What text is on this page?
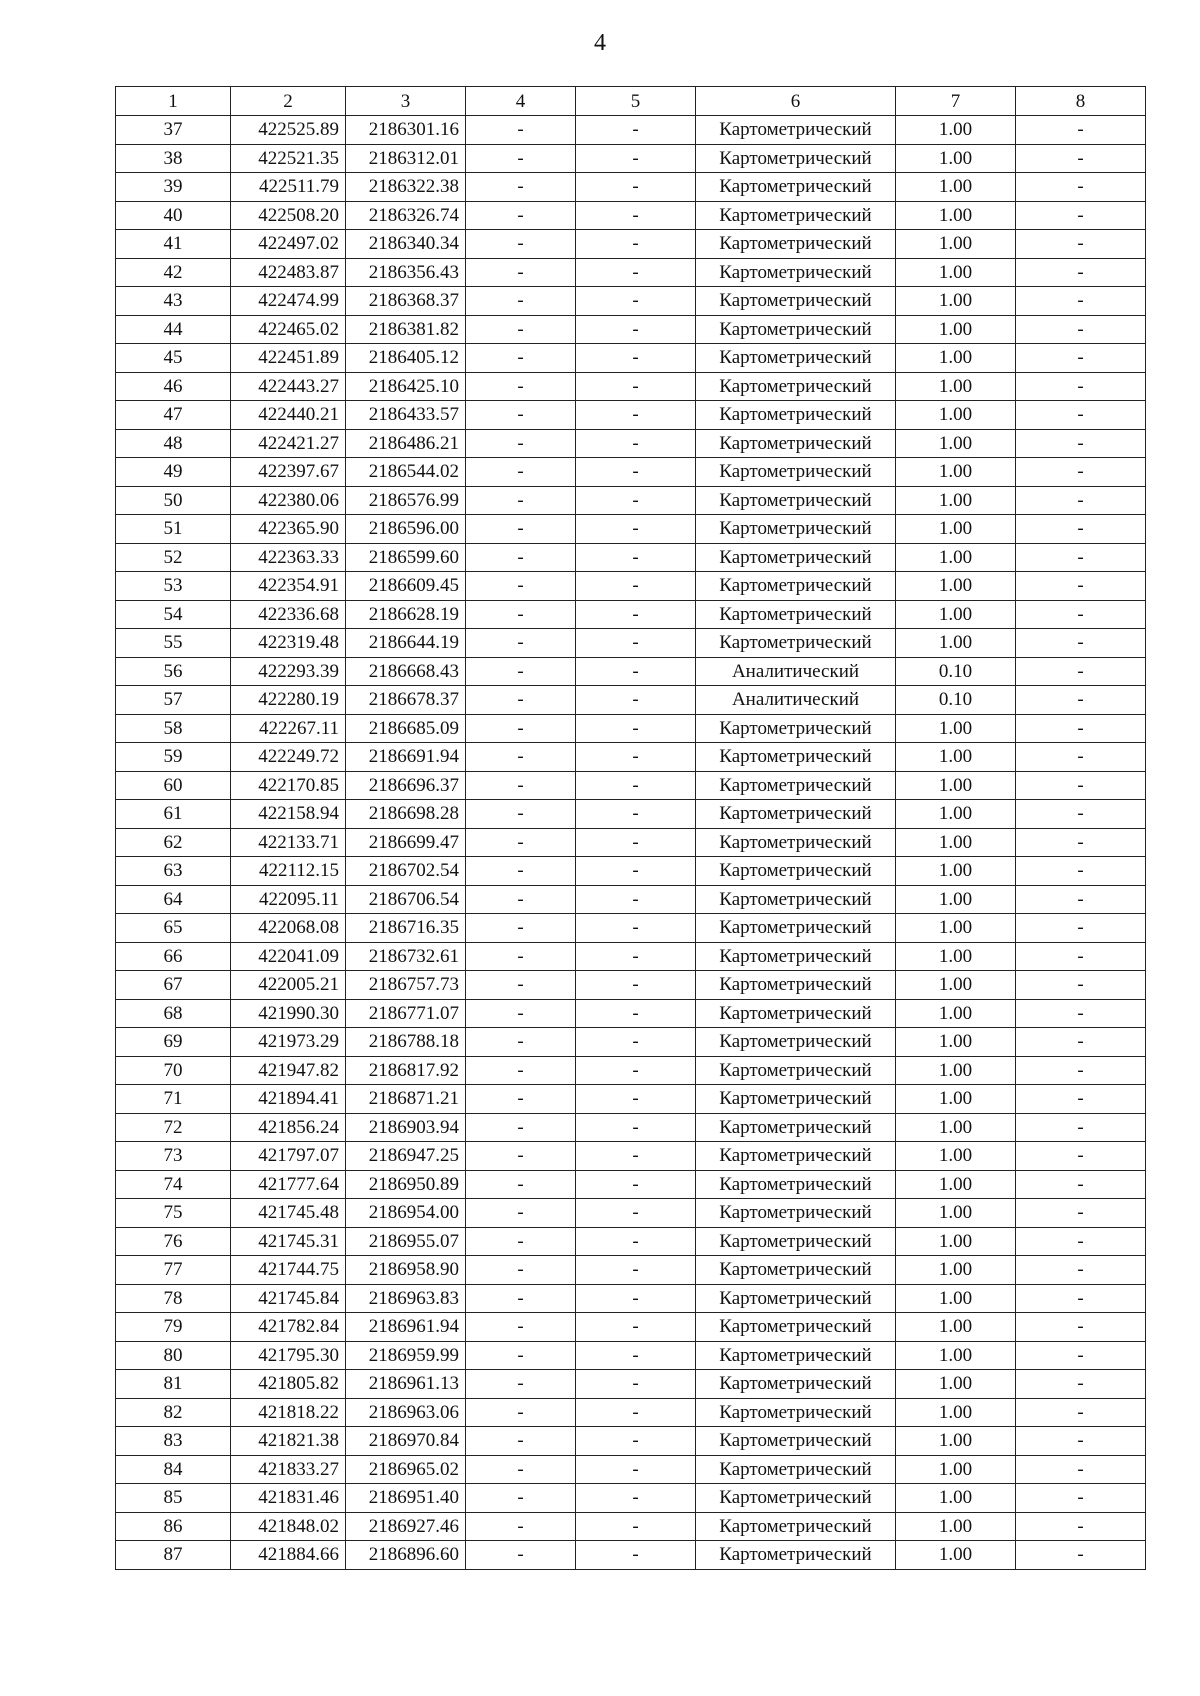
4
1	2	3	4	5	6	7	8
37	422525.89	2186301.16	-	-	Картометрический	1.00	-
38	422521.35	2186312.01	-	-	Картометрический	1.00	-
39	422511.79	2186322.38	-	-	Картометрический	1.00	-
40	422508.20	2186326.74	-	-	Картометрический	1.00	-
41	422497.02	2186340.34	-	-	Картометрический	1.00	-
42	422483.87	2186356.43	-	-	Картометрический	1.00	-
43	422474.99	2186368.37	-	-	Картометрический	1.00	-
44	422465.02	2186381.82	-	-	Картометрический	1.00	-
45	422451.89	2186405.12	-	-	Картометрический	1.00	-
46	422443.27	2186425.10	-	-	Картометрический	1.00	-
47	422440.21	2186433.57	-	-	Картометрический	1.00	-
48	422421.27	2186486.21	-	-	Картометрический	1.00	-
49	422397.67	2186544.02	-	-	Картометрический	1.00	-
50	422380.06	2186576.99	-	-	Картометрический	1.00	-
51	422365.90	2186596.00	-	-	Картометрический	1.00	-
52	422363.33	2186599.60	-	-	Картометрический	1.00	-
53	422354.91	2186609.45	-	-	Картометрический	1.00	-
54	422336.68	2186628.19	-	-	Картометрический	1.00	-
55	422319.48	2186644.19	-	-	Картометрический	1.00	-
56	422293.39	2186668.43	-	-	Аналитический	0.10	-
57	422280.19	2186678.37	-	-	Аналитический	0.10	-
58	422267.11	2186685.09	-	-	Картометрический	1.00	-
59	422249.72	2186691.94	-	-	Картометрический	1.00	-
60	422170.85	2186696.37	-	-	Картометрический	1.00	-
61	422158.94	2186698.28	-	-	Картометрический	1.00	-
62	422133.71	2186699.47	-	-	Картометрический	1.00	-
63	422112.15	2186702.54	-	-	Картометрический	1.00	-
64	422095.11	2186706.54	-	-	Картометрический	1.00	-
65	422068.08	2186716.35	-	-	Картометрический	1.00	-
66	422041.09	2186732.61	-	-	Картометрический	1.00	-
67	422005.21	2186757.73	-	-	Картометрический	1.00	-
68	421990.30	2186771.07	-	-	Картометрический	1.00	-
69	421973.29	2186788.18	-	-	Картометрический	1.00	-
70	421947.82	2186817.92	-	-	Картометрический	1.00	-
71	421894.41	2186871.21	-	-	Картометрический	1.00	-
72	421856.24	2186903.94	-	-	Картометрический	1.00	-
73	421797.07	2186947.25	-	-	Картометрический	1.00	-
74	421777.64	2186950.89	-	-	Картометрический	1.00	-
75	421745.48	2186954.00	-	-	Картометрический	1.00	-
76	421745.31	2186955.07	-	-	Картометрический	1.00	-
77	421744.75	2186958.90	-	-	Картометрический	1.00	-
78	421745.84	2186963.83	-	-	Картометрический	1.00	-
79	421782.84	2186961.94	-	-	Картометрический	1.00	-
80	421795.30	2186959.99	-	-	Картометрический	1.00	-
81	421805.82	2186961.13	-	-	Картометрический	1.00	-
82	421818.22	2186963.06	-	-	Картометрический	1.00	-
83	421821.38	2186970.84	-	-	Картометрический	1.00	-
84	421833.27	2186965.02	-	-	Картометрический	1.00	-
85	421831.46	2186951.40	-	-	Картометрический	1.00	-
86	421848.02	2186927.46	-	-	Картометрический	1.00	-
87	421884.66	2186896.60	-	-	Картометрический	1.00	-
